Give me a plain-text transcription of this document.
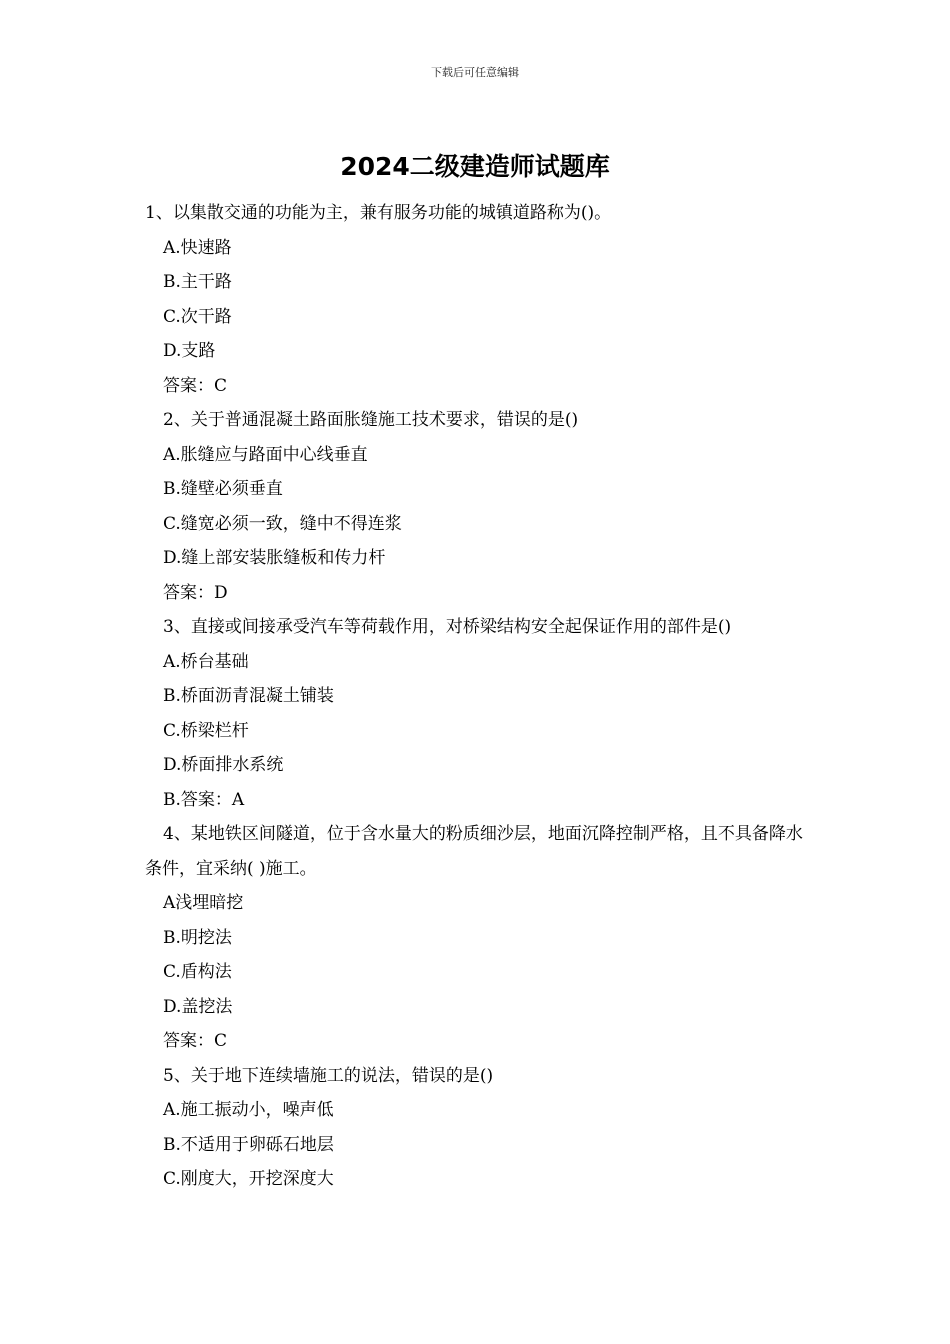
下载后可任意编辑
2024二级建造师试题库
1、以集散交通的功能为主，兼有服务功能的城镇道路称为()。
A.快速路
B.主干路
C.次干路
D.支路
答案：C
2、关于普通混凝土路面胀缝施工技术要求，错误的是()
A.胀缝应与路面中心线垂直
B.缝壁必须垂直
C.缝宽必须一致，缝中不得连浆
D.缝上部安装胀缝板和传力杆
答案：D
3、直接或间接承受汽车等荷载作用，对桥梁结构安全起保证作用的部件是()
A.桥台基础
B.桥面沥青混凝土铺装
C.桥梁栏杆
D.桥面排水系统
B.答案：A
4、某地铁区间隧道，位于含水量大的粉质细沙层，地面沉降控制严格，且不具备降水条件，宜采纳( )施工。
A浅埋暗挖
B.明挖法
C.盾构法
D.盖挖法
答案：C
5、关于地下连续墙施工的说法，错误的是()
A.施工振动小，噪声低
B.不适用于卵砾石地层
C.刚度大，开挖深度大
